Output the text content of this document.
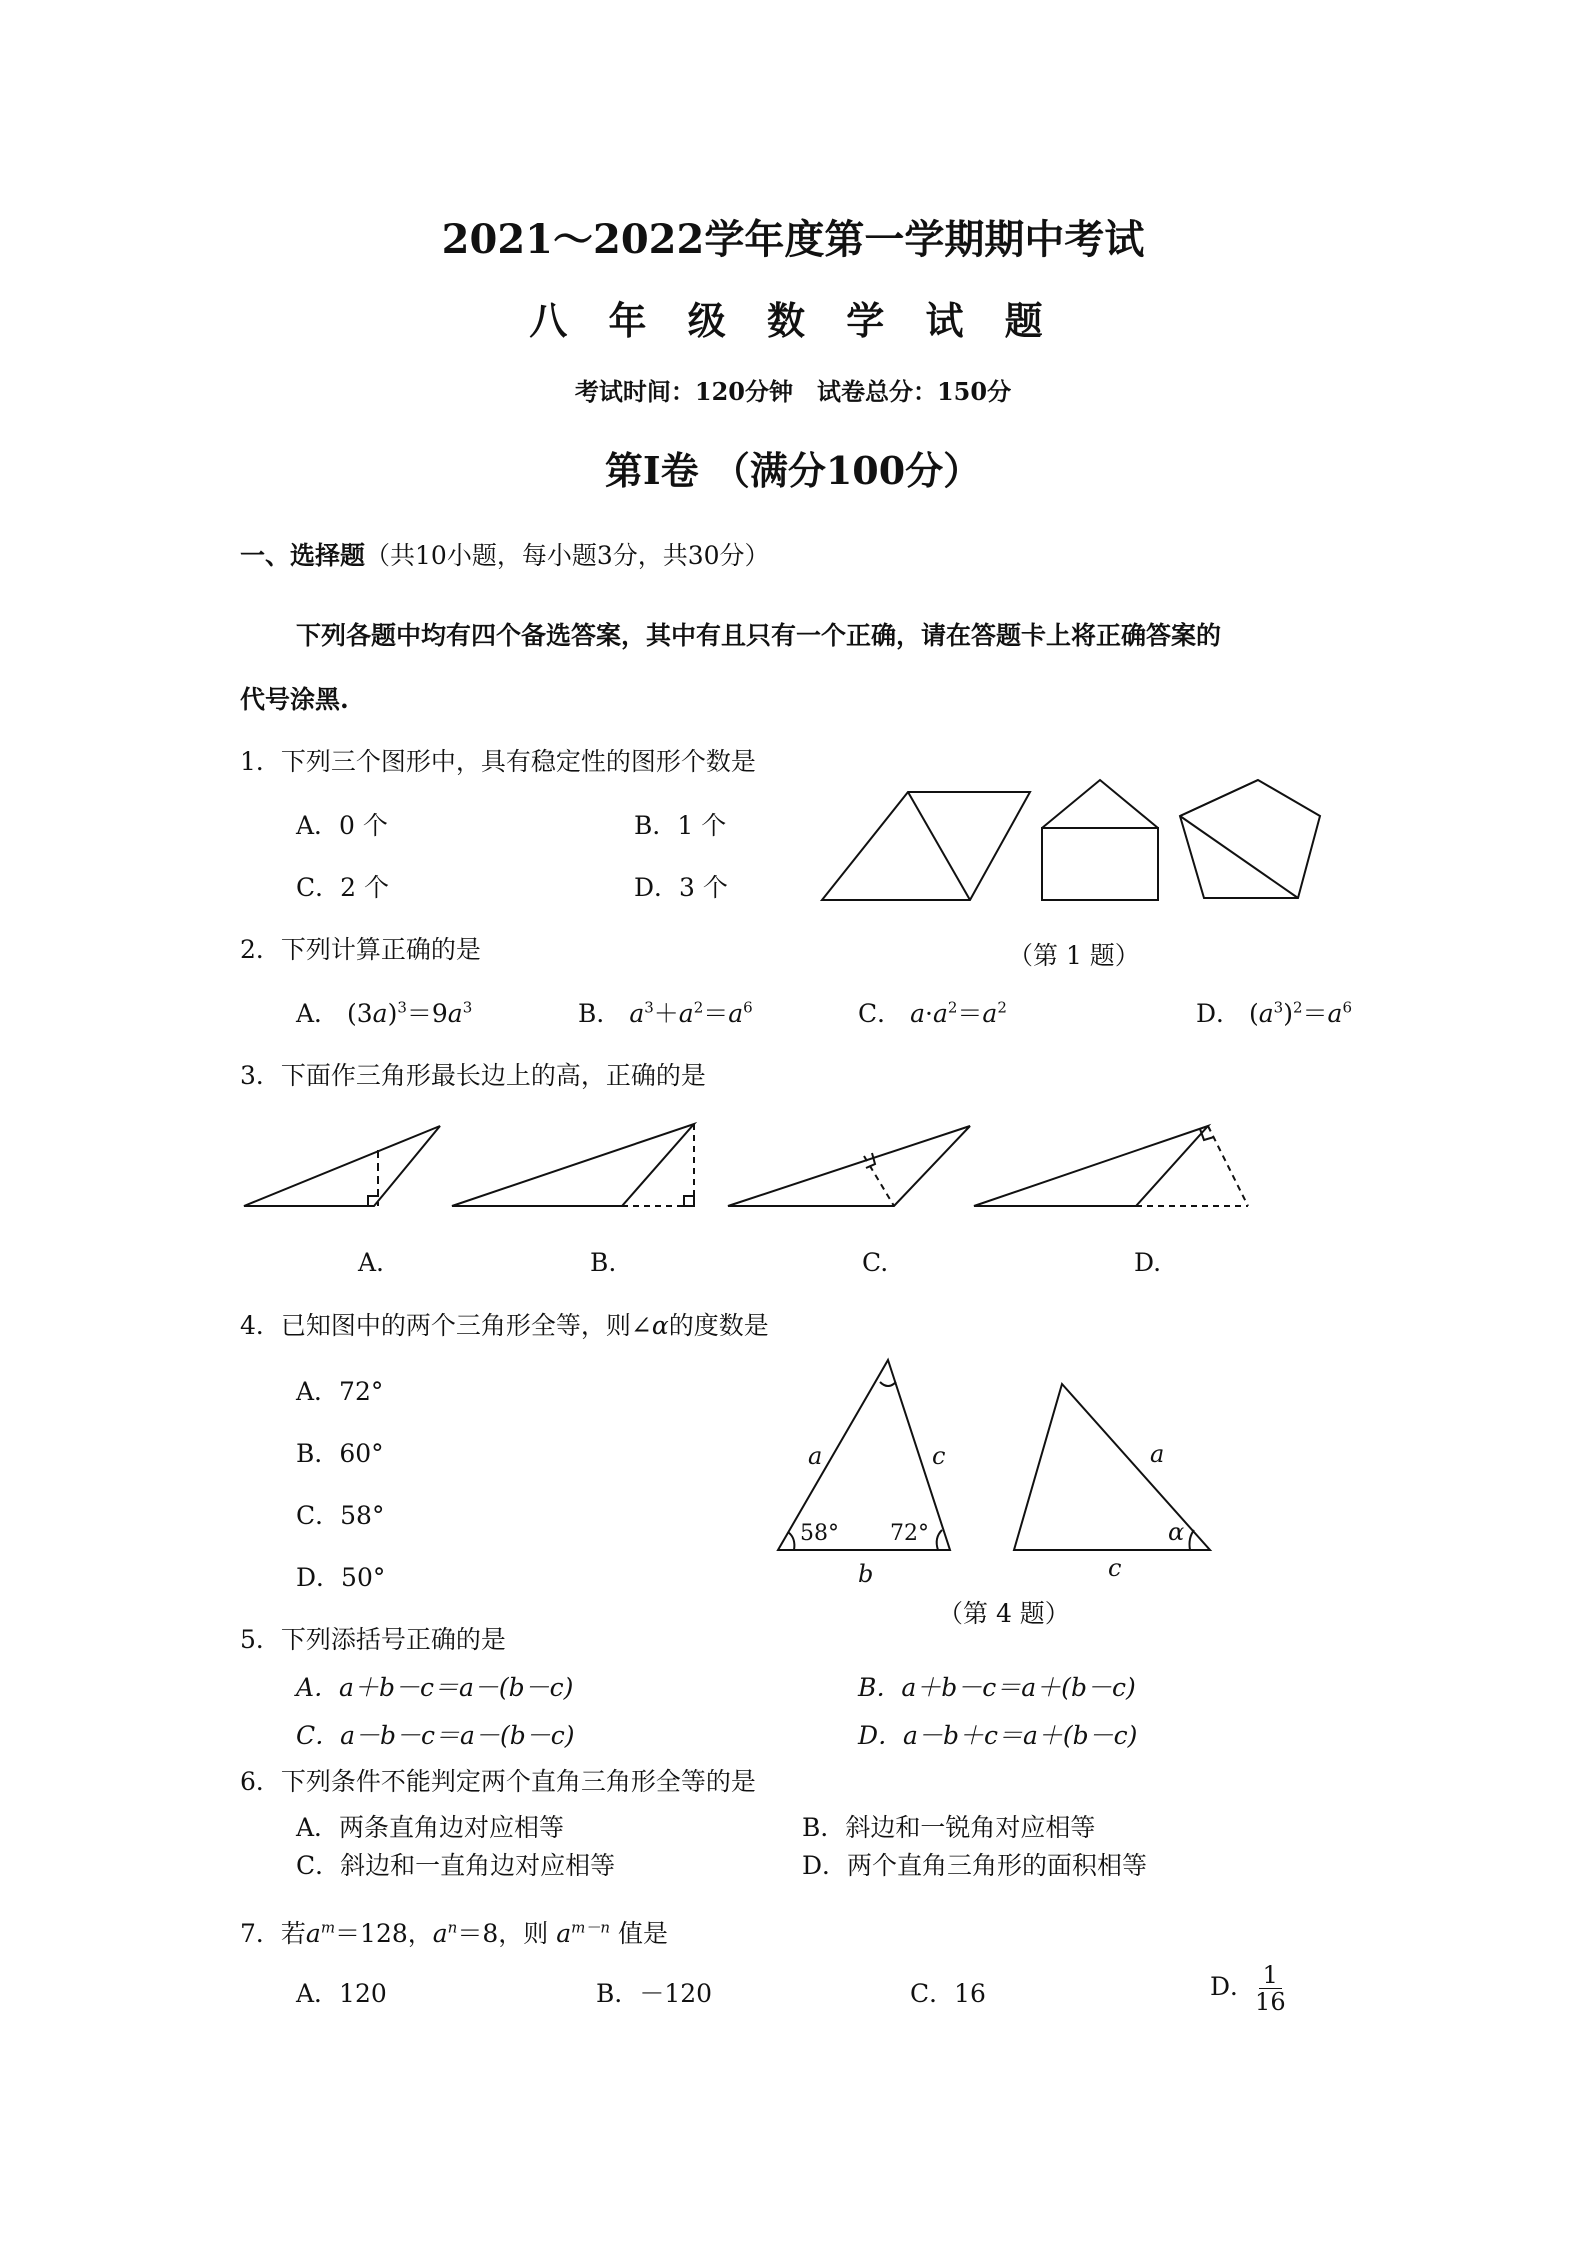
2021～2022学年度第一学期期中考试
八 年 级 数 学 试 题
考试时间：120分钟　试卷总分：150分
第Ⅰ卷 （满分100分）
一、选择题（共10小题，每小题3分，共30分）
下列各题中均有四个备选答案，其中有且只有一个正确，请在答题卡上将正确答案的
代号涂黑.
1．下列三个图形中，具有稳定性的图形个数是
A．0 个	B．1 个
C．2 个	D．3 个
（第 1 题）
2．下列计算正确的是
A． $(3a)^3=9a^3$	B． $a^3+a^2=a^6$	C． $a\cdot a^2=a^2$	D． $(a^3)^2=a^6$
3．下面作三角形最长边上的高，正确的是
A.	B.	C.	D.
4．已知图中的两个三角形全等，则∠α的度数是
A．72°
B．60°
C．58°
D．50°
a	c
b
a
c
α
58° 72°
（第 4 题）
5．下列添括号正确的是
A．a＋b－c＝a－(b－c)	B．a＋b－c＝a＋(b－c)
C．a－b－c＝a－(b－c)	D．a－b＋c＝a＋(b－c)
6．下列条件不能判定两个直角三角形全等的是
A．两条直角边对应相等	B．斜边和一锐角对应相等
C．斜边和一直角边对应相等	D．两个直角三角形的面积相等
7．若$a^m=128$，$a^n=8$，则 $a^{m-n}$ 值是
A．120	B．－120	C．16	D． $\frac{1}{16}$
